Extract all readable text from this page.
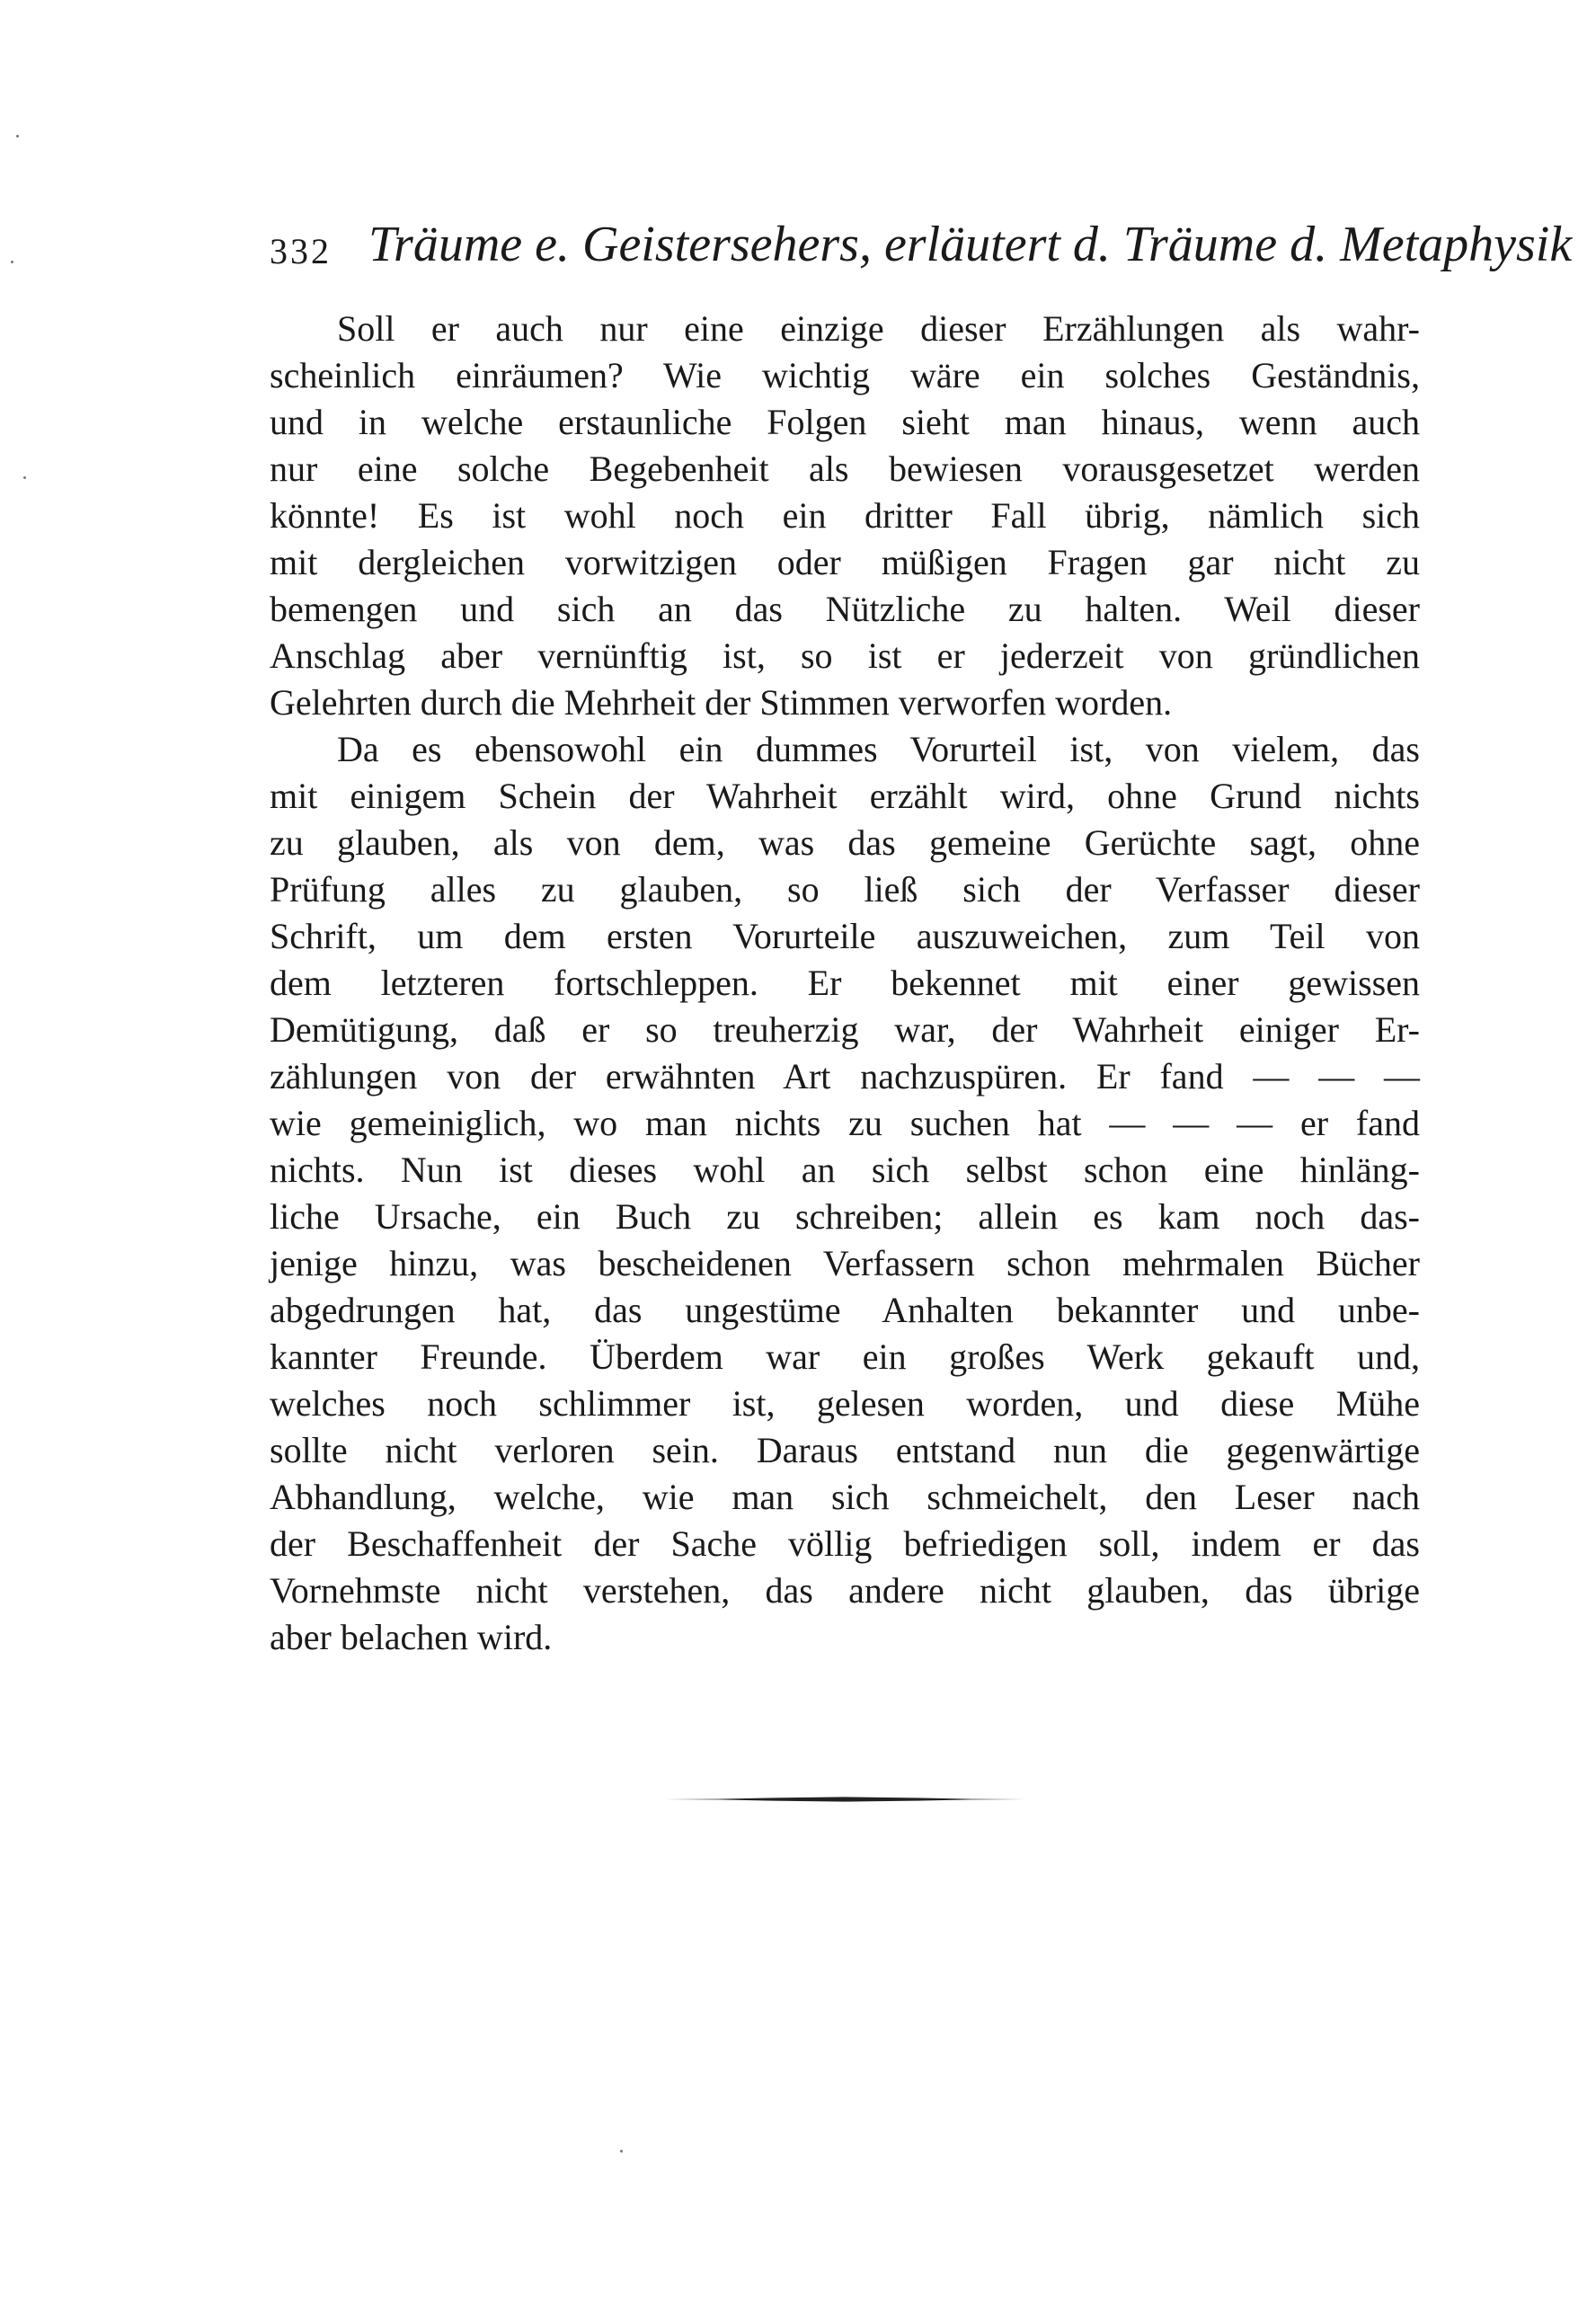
332 Träume e. Geistersehers, erläutert d. Träume d. Metaphysik
Soll er auch nur eine einzige dieser Erzählungen als wahr-
scheinlich einräumen? Wie wichtig wäre ein solches Geständnis,
und in welche erstaunliche Folgen sieht man hinaus, wenn auch
nur eine solche Begebenheit als bewiesen vorausgesetzet werden
könnte! Es ist wohl noch ein dritter Fall übrig, nämlich sich
mit dergleichen vorwitzigen oder müßigen Fragen gar nicht zu
bemengen und sich an das Nützliche zu halten. Weil dieser
Anschlag aber vernünftig ist, so ist er jederzeit von gründlichen
Gelehrten durch die Mehrheit der Stimmen verworfen worden.
Da es ebensowohl ein dummes Vorurteil ist, von vielem, das
mit einigem Schein der Wahrheit erzählt wird, ohne Grund nichts
zu glauben, als von dem, was das gemeine Gerüchte sagt, ohne
Prüfung alles zu glauben, so ließ sich der Verfasser dieser
Schrift, um dem ersten Vorurteile auszuweichen, zum Teil von
dem letzteren fortschleppen. Er bekennet mit einer gewissen
Demütigung, daß er so treuherzig war, der Wahrheit einiger Er-
zählungen von der erwähnten Art nachzuspüren. Er fand — — —
wie gemeiniglich, wo man nichts zu suchen hat — — — er fand
nichts. Nun ist dieses wohl an sich selbst schon eine hinläng-
liche Ursache, ein Buch zu schreiben; allein es kam noch das-
jenige hinzu, was bescheidenen Verfassern schon mehrmalen Bücher
abgedrungen hat, das ungestüme Anhalten bekannter und unbe-
kannter Freunde. Überdem war ein großes Werk gekauft und,
welches noch schlimmer ist, gelesen worden, und diese Mühe
sollte nicht verloren sein. Daraus entstand nun die gegenwärtige
Abhandlung, welche, wie man sich schmeichelt, den Leser nach
der Beschaffenheit der Sache völlig befriedigen soll, indem er das
Vornehmste nicht verstehen, das andere nicht glauben, das übrige
aber belachen wird.
